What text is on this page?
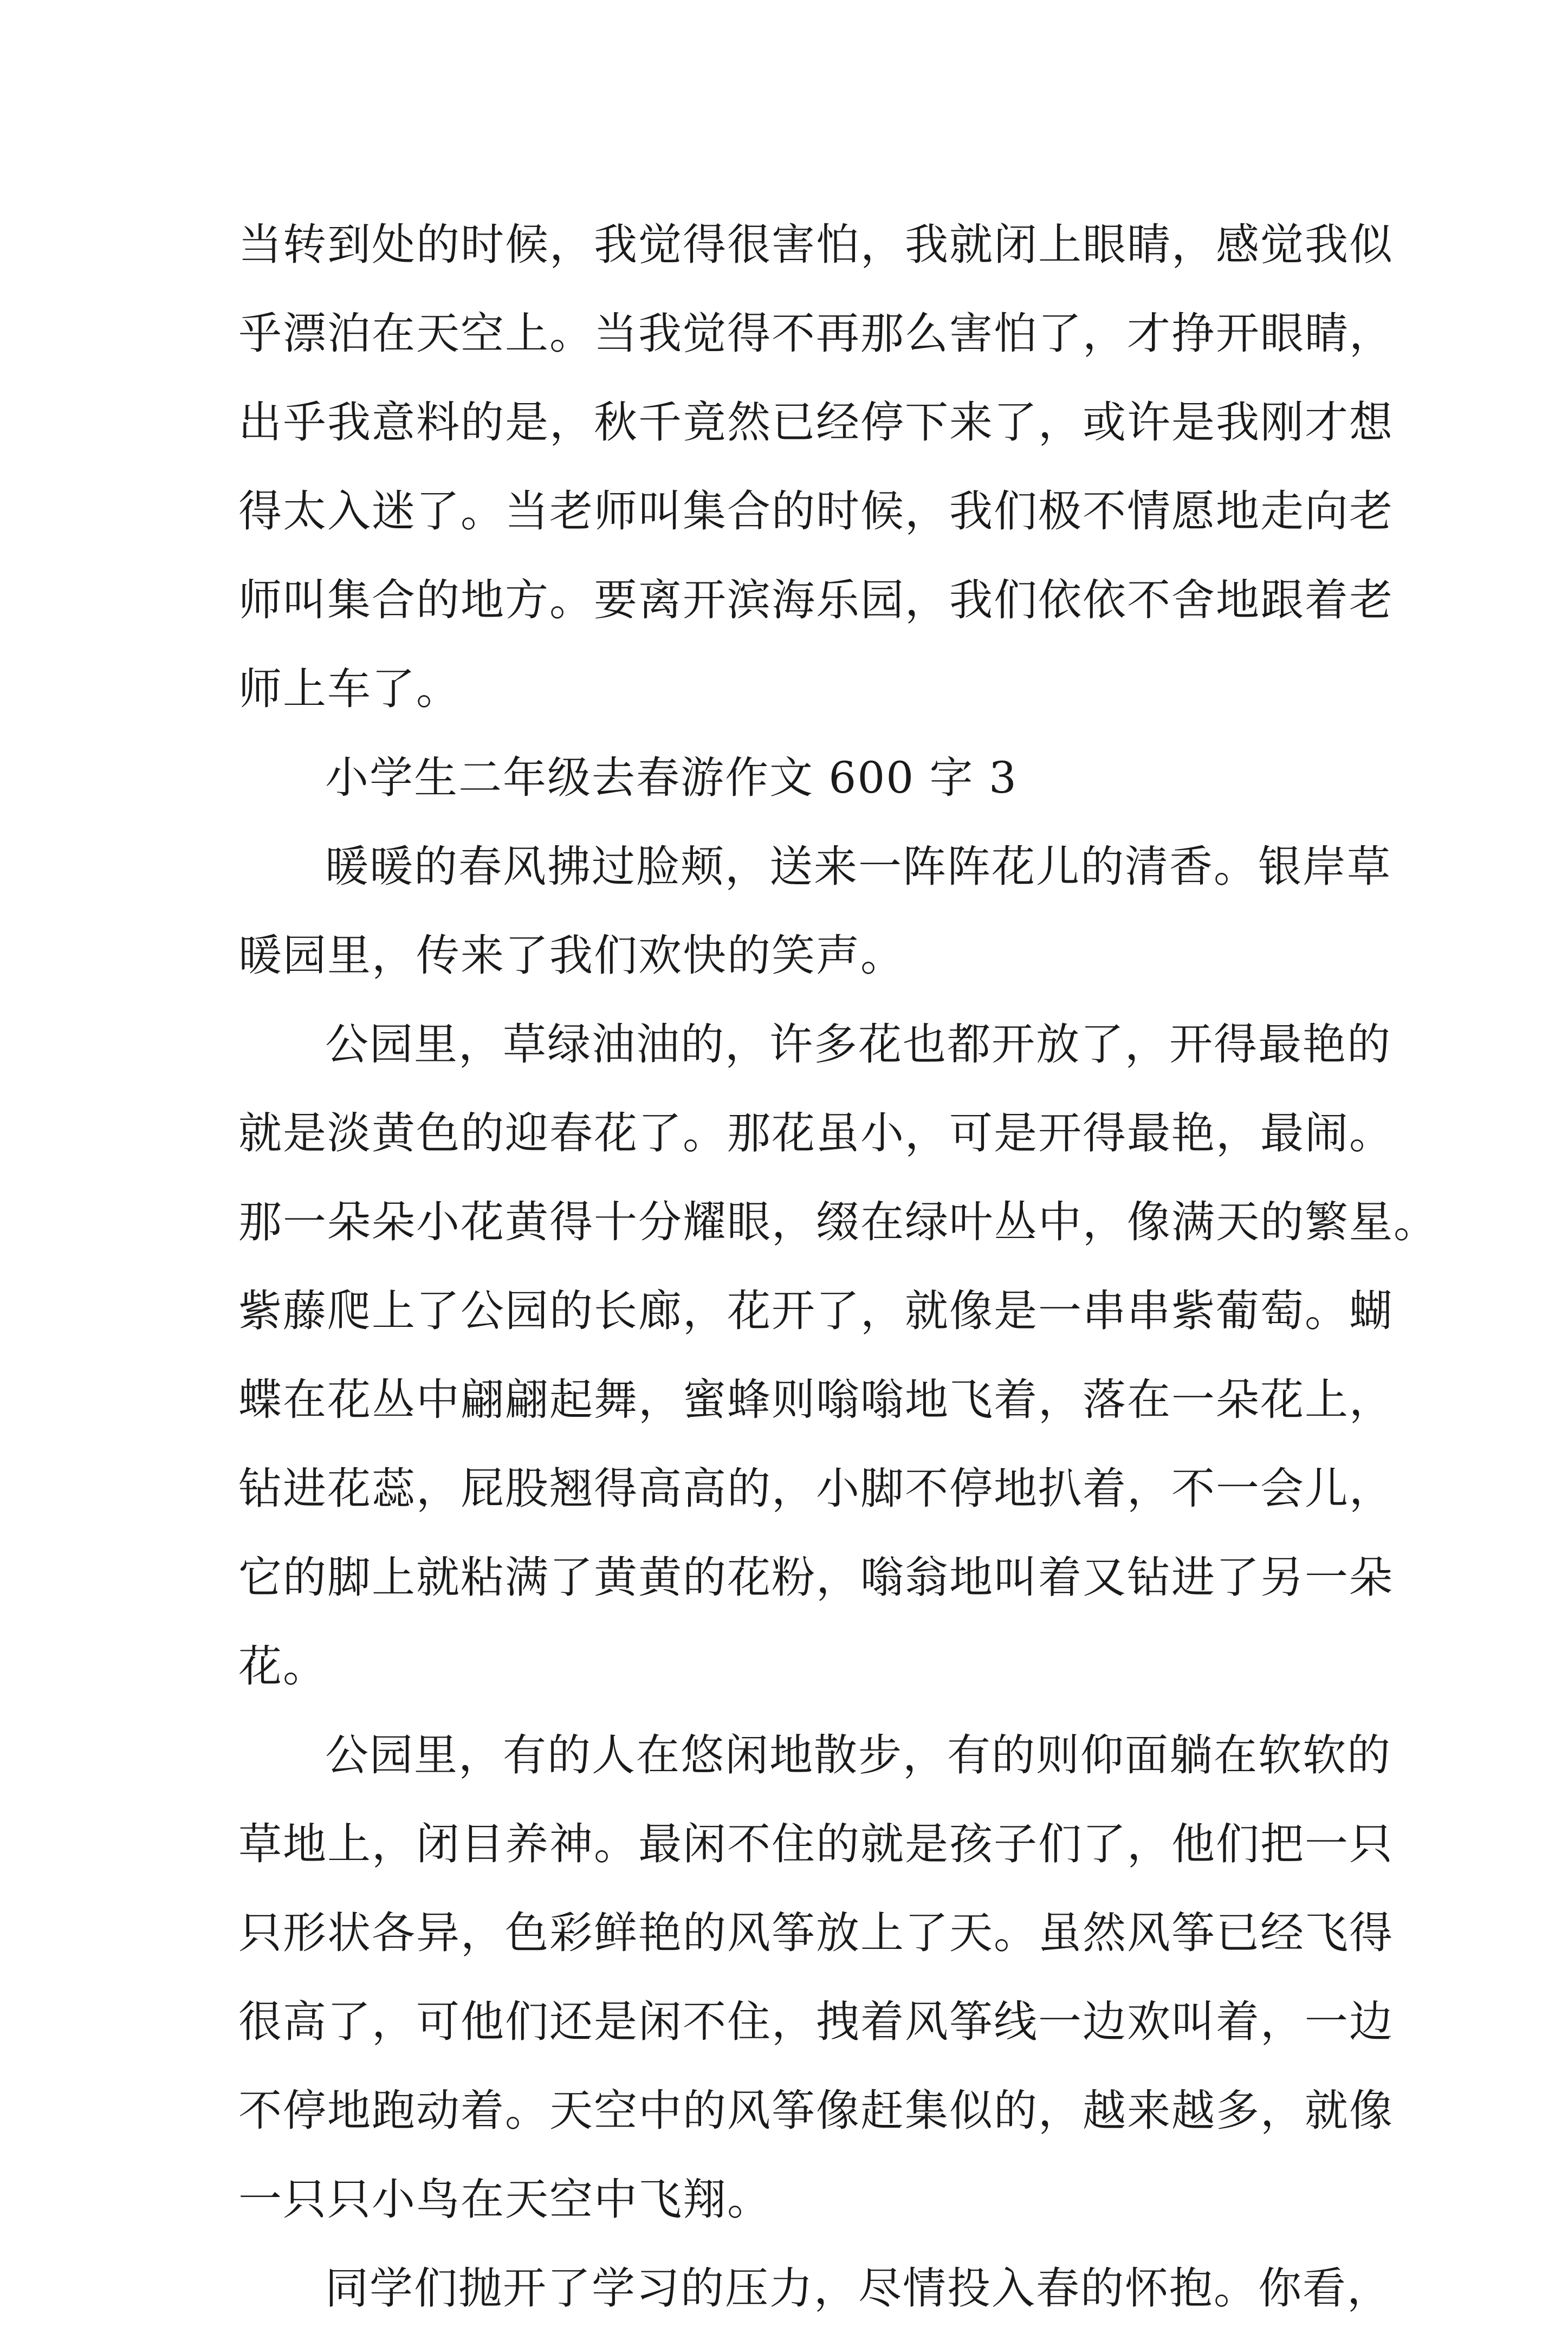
当转到处的时候，我觉得很害怕，我就闭上眼睛，感觉我似
乎漂泊在天空上。当我觉得不再那么害怕了，才挣开眼睛，
出乎我意料的是，秋千竟然已经停下来了，或许是我刚才想
得太入迷了。当老师叫集合的时候，我们极不情愿地走向老
师叫集合的地方。要离开滨海乐园，我们依依不舍地跟着老
师上车了。
小学生二年级去春游作文 600 字 3
暖暖的春风拂过脸颊，送来一阵阵花儿的清香。银岸草
暖园里，传来了我们欢快的笑声。
公园里，草绿油油的，许多花也都开放了，开得最艳的
就是淡黄色的迎春花了。那花虽小，可是开得最艳，最闹。
那一朵朵小花黄得十分耀眼，缀在绿叶丛中，像满天的繁星。
紫藤爬上了公园的长廊，花开了，就像是一串串紫葡萄。蝴
蝶在花丛中翩翩起舞，蜜蜂则嗡嗡地飞着，落在一朵花上，
钻进花蕊，屁股翘得高高的，小脚不停地扒着，不一会儿，
它的脚上就粘满了黄黄的花粉，嗡翁地叫着又钻进了另一朵
花。
公园里，有的人在悠闲地散步，有的则仰面躺在软软的
草地上，闭目养神。最闲不住的就是孩子们了，他们把一只
只形状各异，色彩鲜艳的风筝放上了天。虽然风筝已经飞得
很高了，可他们还是闲不住，拽着风筝线一边欢叫着，一边
不停地跑动着。天空中的风筝像赶集似的，越来越多，就像
一只只小鸟在天空中飞翔。
同学们抛开了学习的压力，尽情投入春的怀抱。你看，
